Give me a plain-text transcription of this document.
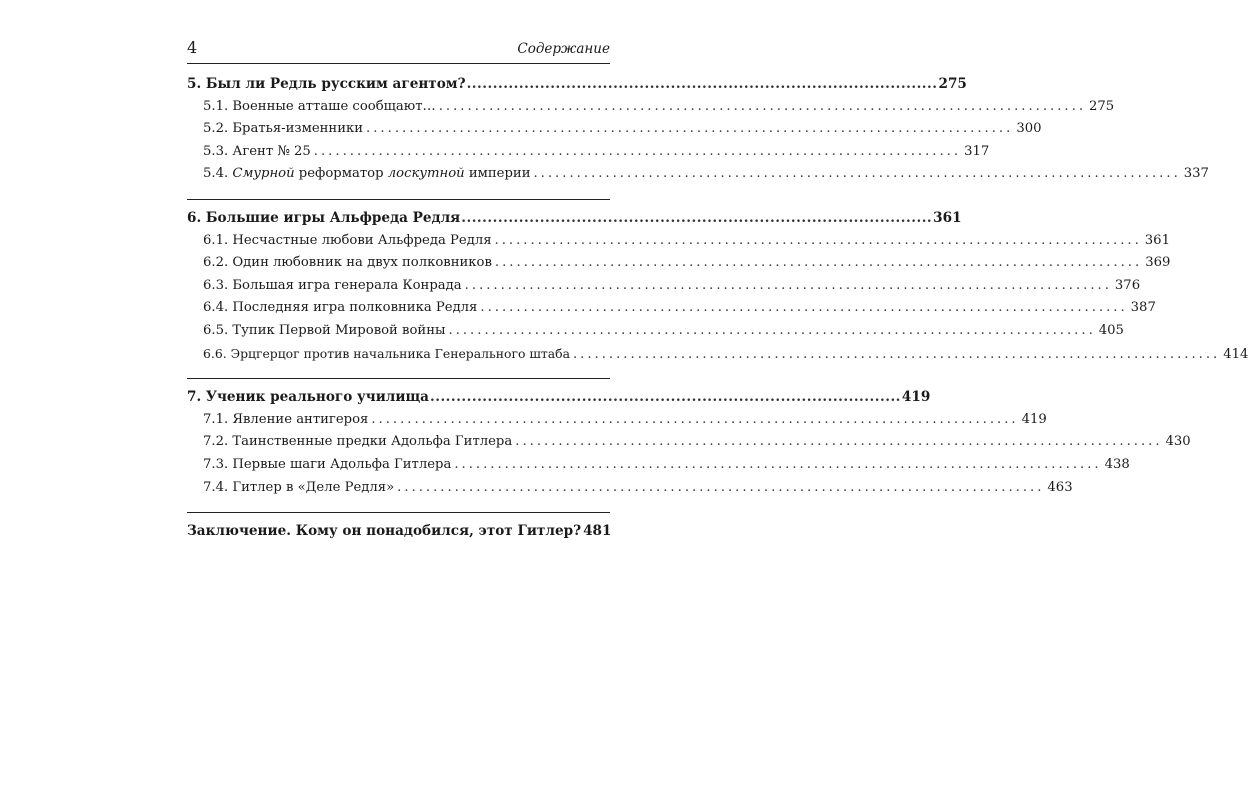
4	Содержание
5. Был ли Редль русским агентом? .......................................................................................... 275
5.1. Военные атташе сообщают… .......................................................................................... 275
5.2. Братья-изменники .......................................................................................... 300
5.3. Агент № 25 .......................................................................................... 317
5.4. Смурной реформатор лоскутной империи .......................................................................................... 337
6. Большие игры Альфреда Редля .......................................................................................... 361
6.1. Несчастные любови Альфреда Редля .......................................................................................... 361
6.2. Один любовник на двух полковников .......................................................................................... 369
6.3. Большая игра генерала Конрада .......................................................................................... 376
6.4. Последняя игра полковника Редля .......................................................................................... 387
6.5. Тупик Первой Мировой войны .......................................................................................... 405
6.6. Эрцгерцог против начальника Генерального штаба .......................................................................................... 414
7. Ученик реального училища .......................................................................................... 419
7.1. Явление антигероя .......................................................................................... 419
7.2. Таинственные предки Адольфа Гитлера .......................................................................................... 430
7.3. Первые шаги Адольфа Гитлера .......................................................................................... 438
7.4. Гитлер в «Деле Редля» .......................................................................................... 463
Заключение. Кому он понадобился, этот Гитлер? 481
